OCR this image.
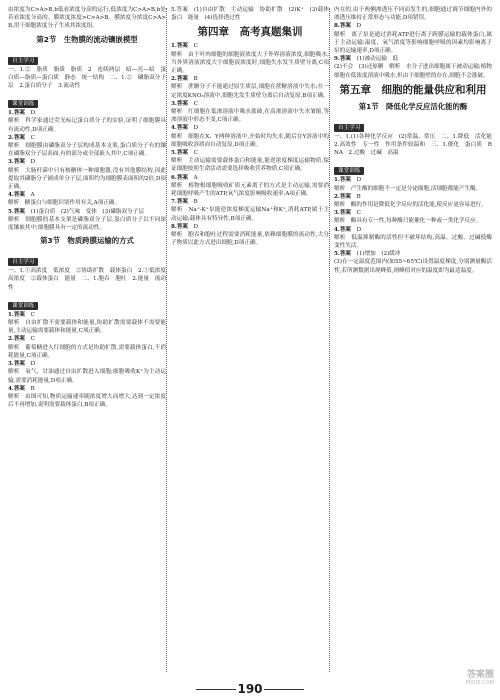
由浓度为C>A>B,b低看浓度分高的运行,低浓度为C>A>B,b处若看浓度分高的。膜浓度浓度>C>A>B。膜浓度分浓度C>A>B,用于细胞浓度分子生成其浓度组。

第2节　生物膜的流动镶嵌模型
自主学习

一、1.②　脂质　脂质　脂质　2　连续两层　暗—亮—暗　蛋白质—脂质—蛋白质　静态　统一结构　二、1.②　磷脂双分子层　2.蛋白质分子　3.流动性

课堂训练

1.答案　 D

解析　科学家通过荧光标记蛋白质分子的实验,证明了细胞膜具有流动性,D项正确。

2.答案　 C

解析　细胞膜由磷脂双分子层构成基本支架,蛋白质分子有的镶在磷脂双分子层表面,有的部分或全部嵌入其中,C项正确。

3.答案　 D

解析　大肠杆菌中只有核糖体一种细胞器,没有其他膜结构,因此提取其磷脂分子铺成单分子层,面积约为细胞膜表面积的2倍,D项正确。

4.答案　 A

解析　糖蛋白与细胞识别作用有关,A项正确。

5.答案　 (1)蛋白质　(2)气味　变体　(3)磷脂双分子层

解析　细胞膜的基本支架是磷脂双分子层,蛋白质分子以不同深度镶嵌其中;细胞膜具有一定的流动性。

第3节　物质跨膜运输的方式
自主学习

一、1.①高浓度　低浓度　②协助扩散　载体蛋白　2.①低浓度　高浓度　②载体蛋白　能量　二、1.胞吞　胞吐　2.能量　流动性

课堂训练

1.答案　 C

解析　自由扩散不需要载体和能量,协助扩散需要载体不需要能量,主动运输需要载体和能量,C项正确。

2.答案　 C

解析　葡萄糖进入红细胞的方式是协助扩散,需要载体蛋白,不消耗能量,C项正确。

3.答案　 D

解析　氧气、甘油通过自由扩散进入细胞;细胞吸收K⁺为主动运输,需要消耗能量,D项正确。

4.答案　 B

解析　由图可知,物质运输速率随浓度增大而增大,达到一定浓度后不再增加,说明需要载体蛋白,B项正确。

5.答案　(1)自由扩散　主动运输　协助扩散　(2)K⁺　(3)载体蛋白　能量　(4)选择透过性

第四章　高考真题集训

1.答案　 C

解析　由于叶肉细胞的细胞液浓度大于外界溶液浓度,细胞吸水;当外界溶液浓度大于细胞液浓度时,细胞失水发生质壁分离,C项正确。

2.答案　 B

解析　蔗糖分子不能通过原生质层,细胞在蔗糖溶液中失水;在一定浓度KNO₃溶液中,细胞先发生质壁分离后自动复原,B项正确。

3.答案　 C

解析　红细胞在低渗溶液中吸水涨破,在高渗溶液中失水皱缩,等渗溶液中形态不变,C项正确。

4.答案　 D

解析　细胞在X、Y两种溶液中,开始时均失水,随后在Y溶液中的细胞吸收溶质而自动复原,D项正确。

5.答案　 C

解析　主动运输需要载体蛋白和能量,能逆浓度梯度运输物质,保证细胞按照生命活动需要选择吸收营养物质,C项正确。

6.答案　 A

解析　植物根细胞吸收矿质元素离子的方式是主动运输,需要消耗细胞呼吸产生的ATP,氧气浓度影响吸收速率,A项正确。

7.答案　 B

解析　Na⁺-K⁺泵能逆浓度梯度运输Na⁺和K⁺,消耗ATP,属于主动运输;载体具有特异性,B项正确。

8.答案　 D

解析　胞吞和胞吐过程需要消耗能量,依赖细胞膜的流动性,大分子物质以此方式进出细胞,D项正确。

内在的,由于两侧渗透压不同而发生的,细胞通过调节细胞内外的渗透压维持正常形态与功能,D项错误。

8.答案　 D

解析　离子泵是通过消耗ATP进行离子跨膜运输的载体蛋白,属于主动运输;温度、氧气浓度等影响细胞呼吸的因素均影响离子泵的运输速率,D项正确。

9.答案　 (1)被动运输　低

(2)不会　(3)还原糖　解析　水分子进出细胞属于被动运输;植物细胞在低浓度溶液中吸水,但由于细胞壁的存在,细胞不会涨破。

第五章　细胞的能量供应和利用
第1节　降低化学反应活化能的酶
自主学习

一、1.(1)各种化学反应　(2)常温、常压　二、1.降低　活化能　2.高效性　专一性　作用条件较温和　三、1.催化　蛋白质　RNA　2.过酸　过碱　高温

课堂训练

1.答案　 D

解析　产生酶的细胞不一定是分泌细胞,活细胞都能产生酶。

2.答案　 B

解析　酶的作用是降低化学反应的活化能,使反应更容易进行。

3.答案　 C

解析　酶具有专一性,每种酶只能催化一种或一类化学反应。

4.答案　 D

解析　低温抑制酶的活性但不破坏结构,高温、过酸、过碱使酶变性失活。

5.答案　 (1)增加　(2)缓冲

(3)在一定温度范围内(如55~65℃)设置温度梯度,分别测量酶活性,若所测数据出现峰值,则峰值对应的温度即为最适温度。

190
答案圈
MXQE.COM
